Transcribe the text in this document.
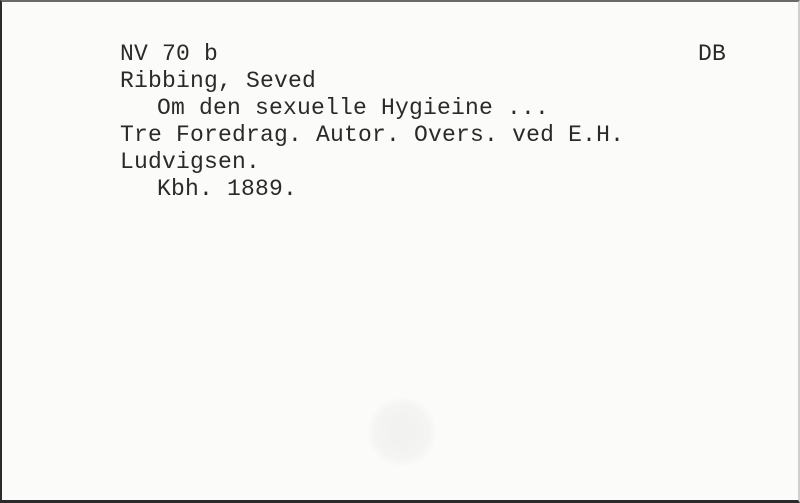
NV 70 b	DB
Ribbing, Seved
Om den sexuelle Hygieine ...
Tre Foredrag. Autor. Overs. ved E.H.
Ludvigsen.
Kbh. 1889.
